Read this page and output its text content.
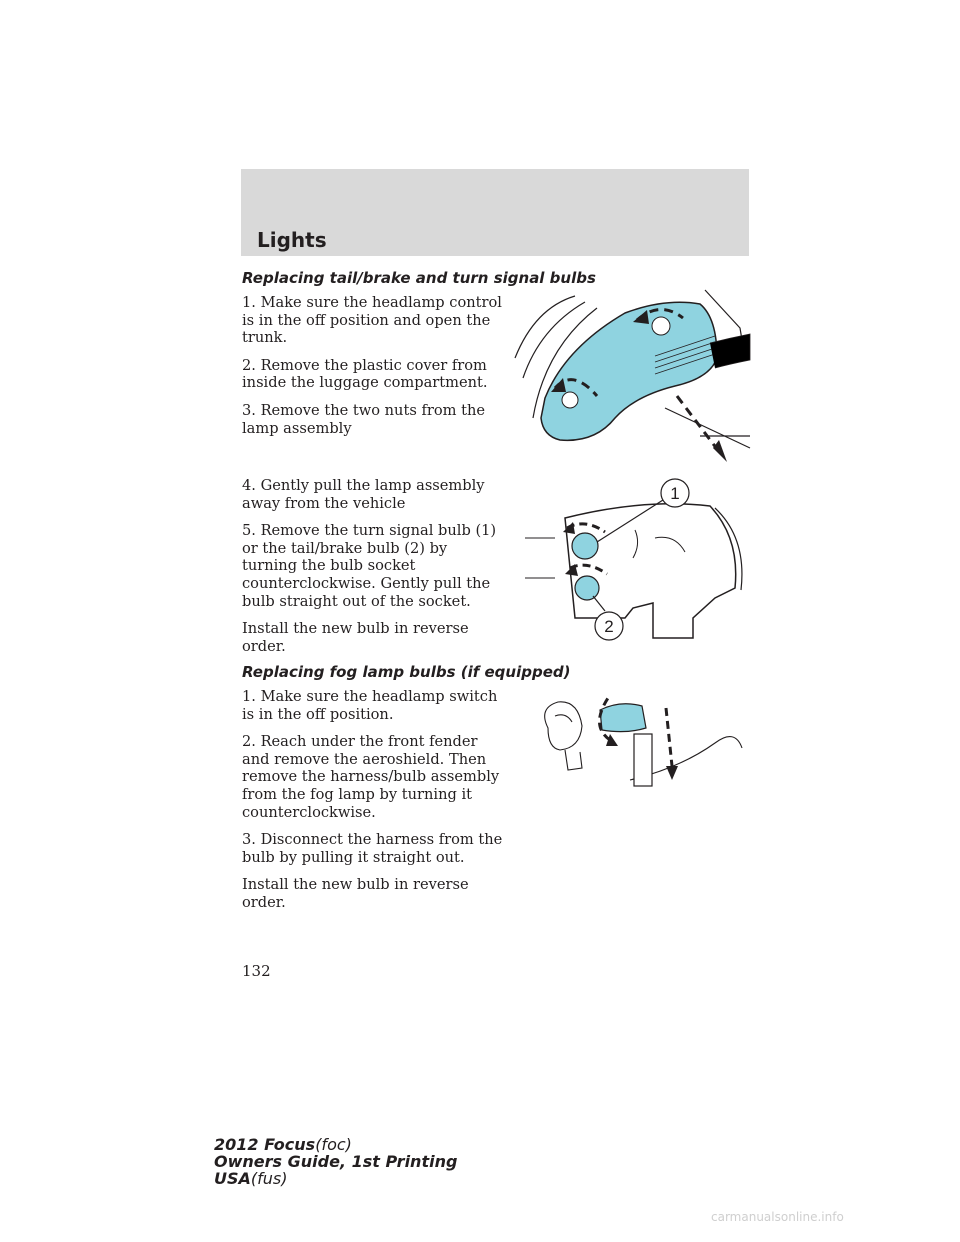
Lights
Replacing tail/brake and turn signal bulbs

1. Make sure the headlamp control is in the off position and open the trunk.

2. Remove the plastic cover from inside the luggage compartment.

3. Remove the two nuts from the lamp assembly

4. Gently pull the lamp assembly away from the vehicle

5. Remove the turn signal bulb (1) or the tail/brake bulb (2) by turning the bulb socket counterclockwise. Gently pull the bulb straight out of the socket.

Install the new bulb in reverse order.

1
2
Replacing fog lamp bulbs (if equipped)

1. Make sure the headlamp switch is in the off position.

2. Reach under the front fender and remove the aeroshield. Then remove the harness/bulb assembly from the fog lamp by turning it counterclockwise.

3. Disconnect the harness from the bulb by pulling it straight out.

Install the new bulb in reverse order.

132
2012 Focus(foc)
Owners Guide, 1st Printing
USA(fus)
carmanualsonline.info
